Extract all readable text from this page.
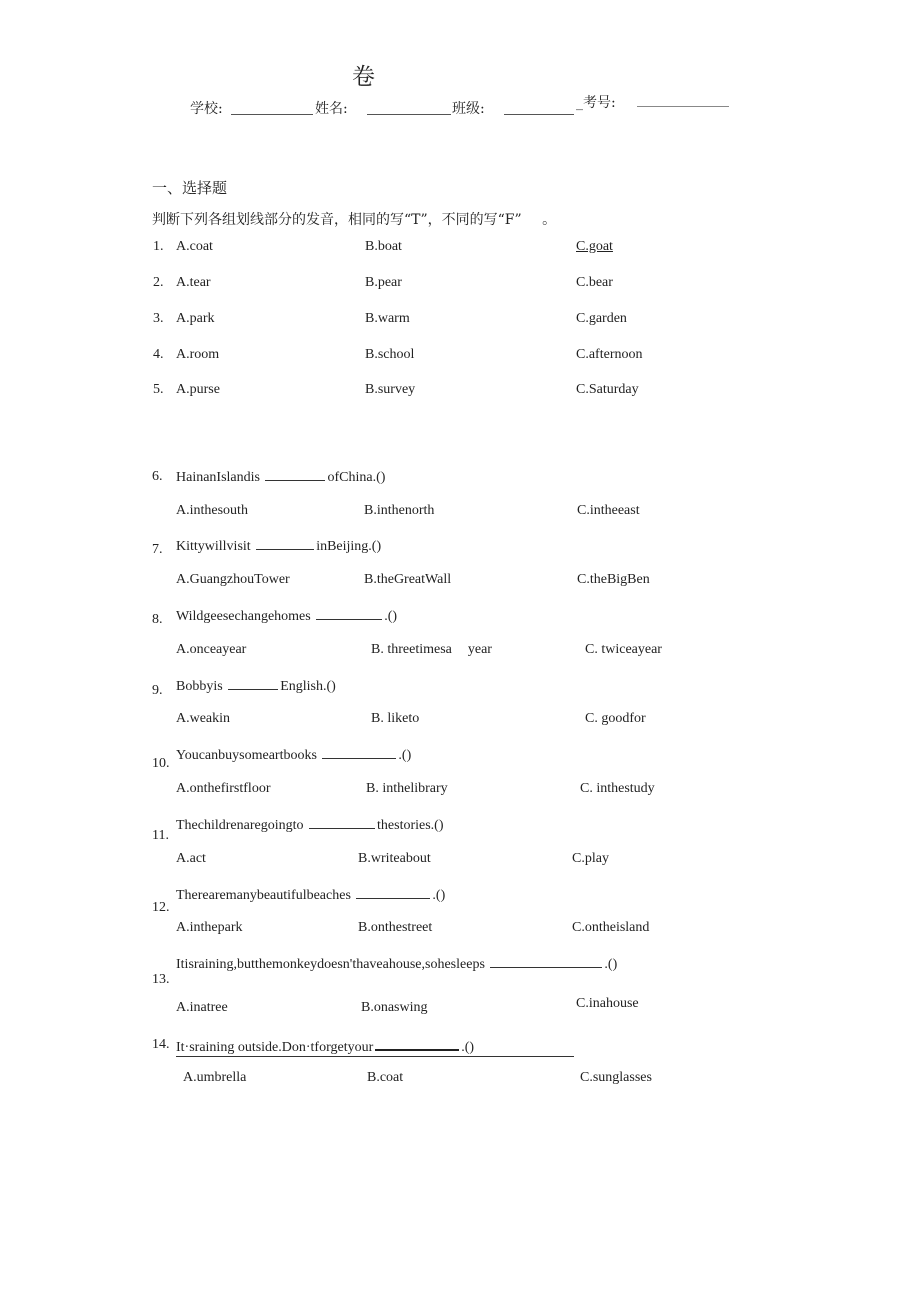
卷
学校:	姓名:	班级:	_考号:
一、选择题
判断下列各组划线部分的发音，相同的写“T”，不同的写“F” 。
1. A.coat	B.boat	C.goat
2. A.tear	B.pear	C.bear
3. A.park	B.warm	C.garden
4. A.room	B.school	C.afternoon
5. A.purse	B.survey	C.Saturday
6. HainanIslandis	ofChina.()
A.inthesouth	B.inthenorth	C.intheeast
7. Kittywillvisit	inBeijing.()
A.GuangzhouTower	B.theGreatWall	C.theBigBen
8. Wildgeesechangehomes	.()
A.onceayear	B. threetimesa year	C. twiceayear
9. Bobbyis	English.()
A.weakin	B. liketo	C. goodfor
10.
Youcanbuysomeartbooks	.()
A.onthefirstfloor	B. inthelibrary	C. inthestudy
11.
Thechildrenaregoingto	thestories.()
A.act	B.writeabout	C.play
12.
Therearemanybeautifulbeaches	.()
A.inthepark	B.onthestreet	C.ontheisland
13.
Itisraining,butthemonkeydoesn'thaveahouse,sohesleeps	.()
A.inatree	B.onaswing	C.inahouse
14. It·sraining outside.Don·tforgetyour	.()
A.umbrella	B.coat	C.sunglasses
